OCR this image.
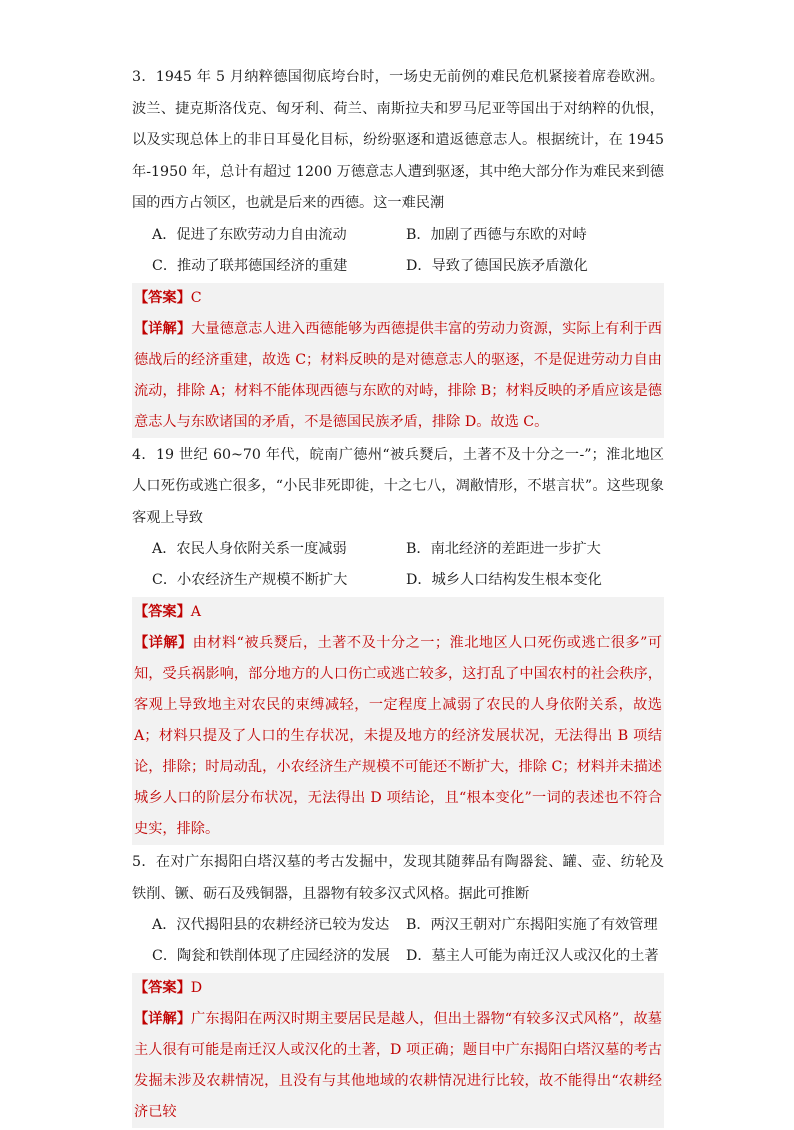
3．1945 年 5 月纳粹德国彻底垮台时，一场史无前例的难民危机紧接着席卷欧洲。波兰、捷克斯洛伐克、匈牙利、荷兰、南斯拉夫和罗马尼亚等国出于对纳粹的仇恨，以及实现总体上的非日耳曼化目标，纷纷驱逐和遣返德意志人。根据统计，在 1945 年-1950 年，总计有超过 1200 万德意志人遭到驱逐，其中绝大部分作为难民来到德国的西方占领区，也就是后来的西德。这一难民潮

A．促进了东欧劳动力自由流动	B．加剧了西德与东欧的对峙
C．推动了联邦德国经济的重建	D．导致了德国民族矛盾激化

【答案】C

【详解】大量德意志人进入西德能够为西德提供丰富的劳动力资源，实际上有利于西德战后的经济重建，故选 C；材料反映的是对德意志人的驱逐，不是促进劳动力自由流动，排除 A；材料不能体现西德与东欧的对峙，排除 B；材料反映的矛盾应该是德意志人与东欧诸国的矛盾，不是德国民族矛盾，排除 D。故选 C。

4．19 世纪 60~70 年代，皖南广德州“被兵燹后，土著不及十分之一-”；淮北地区人口死伤或逃亡很多，“小民非死即徙，十之七八，凋敝情形，不堪言状”。这些现象客观上导致

A．农民人身依附关系一度减弱	B．南北经济的差距进一步扩大
C．小农经济生产规模不断扩大	D．城乡人口结构发生根本变化

【答案】A

【详解】由材料“被兵燹后，土著不及十分之一；淮北地区人口死伤或逃亡很多”可知，受兵祸影响，部分地方的人口伤亡或逃亡较多，这打乱了中国农村的社会秩序，客观上导致地主对农民的束缚减轻，一定程度上减弱了农民的人身依附关系，故选 A；材料只提及了人口的生存状况，未提及地方的经济发展状况，无法得出 B 项结论，排除；时局动乱，小农经济生产规模不可能还不断扩大，排除 C；材料并未描述城乡人口的阶层分布状况，无法得出 D 项结论，且“根本变化”一词的表述也不符合史实，排除。

5．在对广东揭阳白塔汉墓的考古发掘中，发现其随葬品有陶器瓮、罐、壶、纺轮及铁削、镢、砺石及残铜器，且器物有较多汉式风格。据此可推断

A．汉代揭阳县的农耕经济已较为发达	B．两汉王朝对广东揭阳实施了有效管理
C．陶瓮和铁削体现了庄园经济的发展	D．墓主人可能为南迁汉人或汉化的土著

【答案】D

【详解】广东揭阳在两汉时期主要居民是越人，但出土器物“有较多汉式风格”，故墓主人很有可能是南迁汉人或汉化的土著，D 项正确；题目中广东揭阳白塔汉墓的考古发掘未涉及农耕情况，且没有与其他地域的农耕情况进行比较，故不能得出“农耕经济已较
